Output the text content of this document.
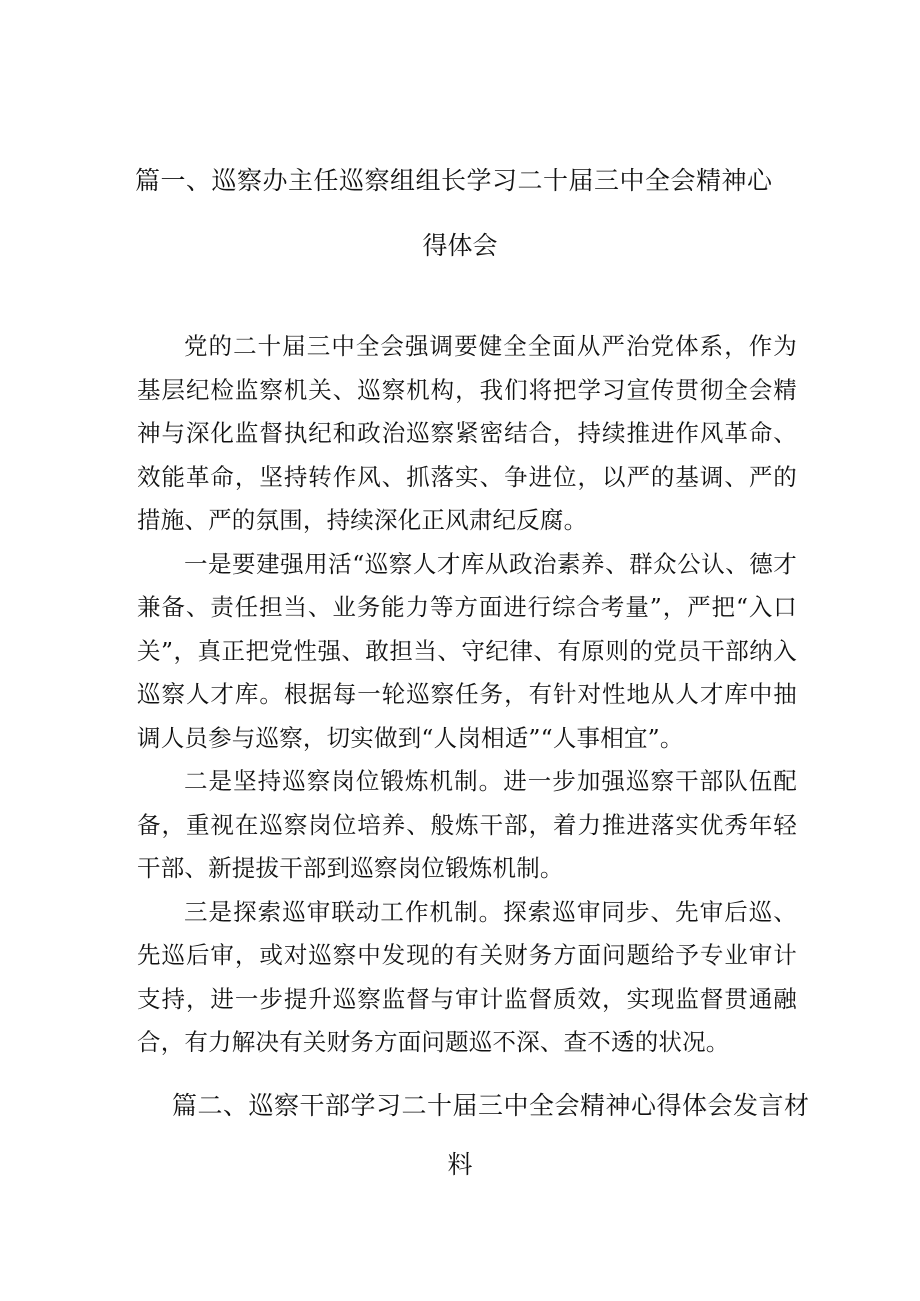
篇一、巡察办主任巡察组组长学习二十届三中全会精神心
得体会

党的二十届三中全会强调要健全全面从严治党体系，作为基层纪检监察机关、巡察机构，我们将把学习宣传贯彻全会精神与深化监督执纪和政治巡察紧密结合，持续推进作风革命、效能革命，坚持转作风、抓落实、争进位，以严的基调、严的措施、严的氛围，持续深化正风肃纪反腐。

一是要建强用活“巡察人才库从政治素养、群众公认、德才兼备、责任担当、业务能力等方面进行综合考量”，严把“入口关”，真正把党性强、敢担当、守纪律、有原则的党员干部纳入巡察人才库。根据每一轮巡察任务，有针对性地从人才库中抽调人员参与巡察，切实做到“人岗相适”“人事相宜”。

二是坚持巡察岗位锻炼机制。进一步加强巡察干部队伍配备，重视在巡察岗位培养、般炼干部，着力推进落实优秀年轻干部、新提拔干部到巡察岗位锻炼机制。

三是探索巡审联动工作机制。探索巡审同步、先审后巡、先巡后审，或对巡察中发现的有关财务方面问题给予专业审计支持，进一步提升巡察监督与审计监督质效，实现监督贯通融合，有力解决有关财务方面问题巡不深、查不透的状况。

篇二、巡察干部学习二十届三中全会精神心得体会发言材
料
